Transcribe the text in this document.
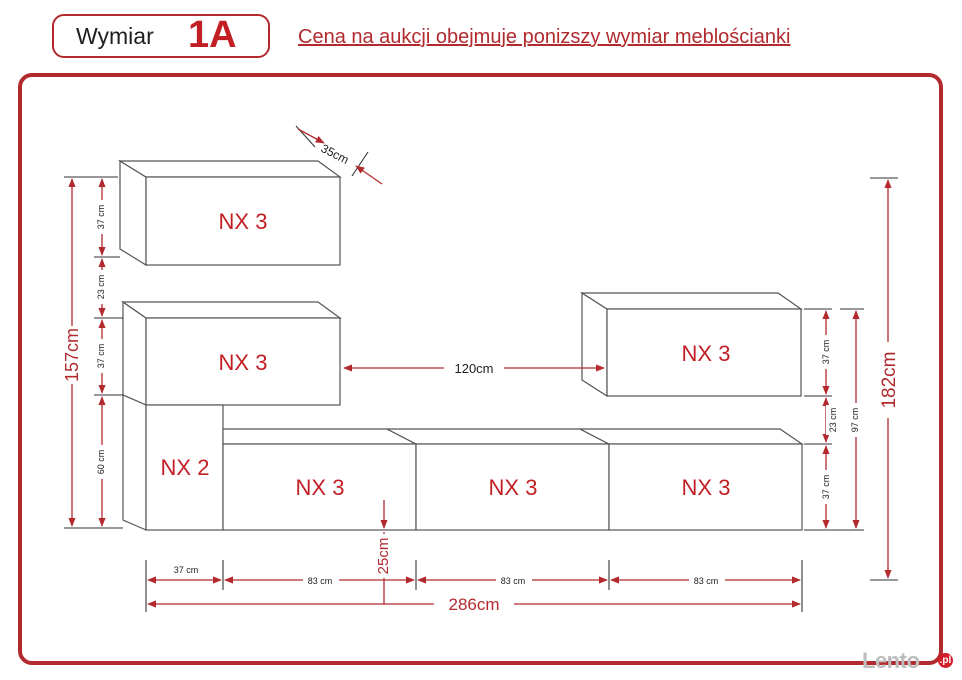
Wymiar 1A	Cena na aukcji obejmuje ponizszy wymiar meblościanki
NX 3
NX 3	NX 3
NX 2
NX 3	NX 3	NX 3
35cm
157cm
37 cm
23 cm
37 cm
60 cm
120cm
37 cm
23 cm
37 cm
97 cm
182cm
25cm
37 cm
83 cm	83 cm	83 cm
286cm
Lento .pl
